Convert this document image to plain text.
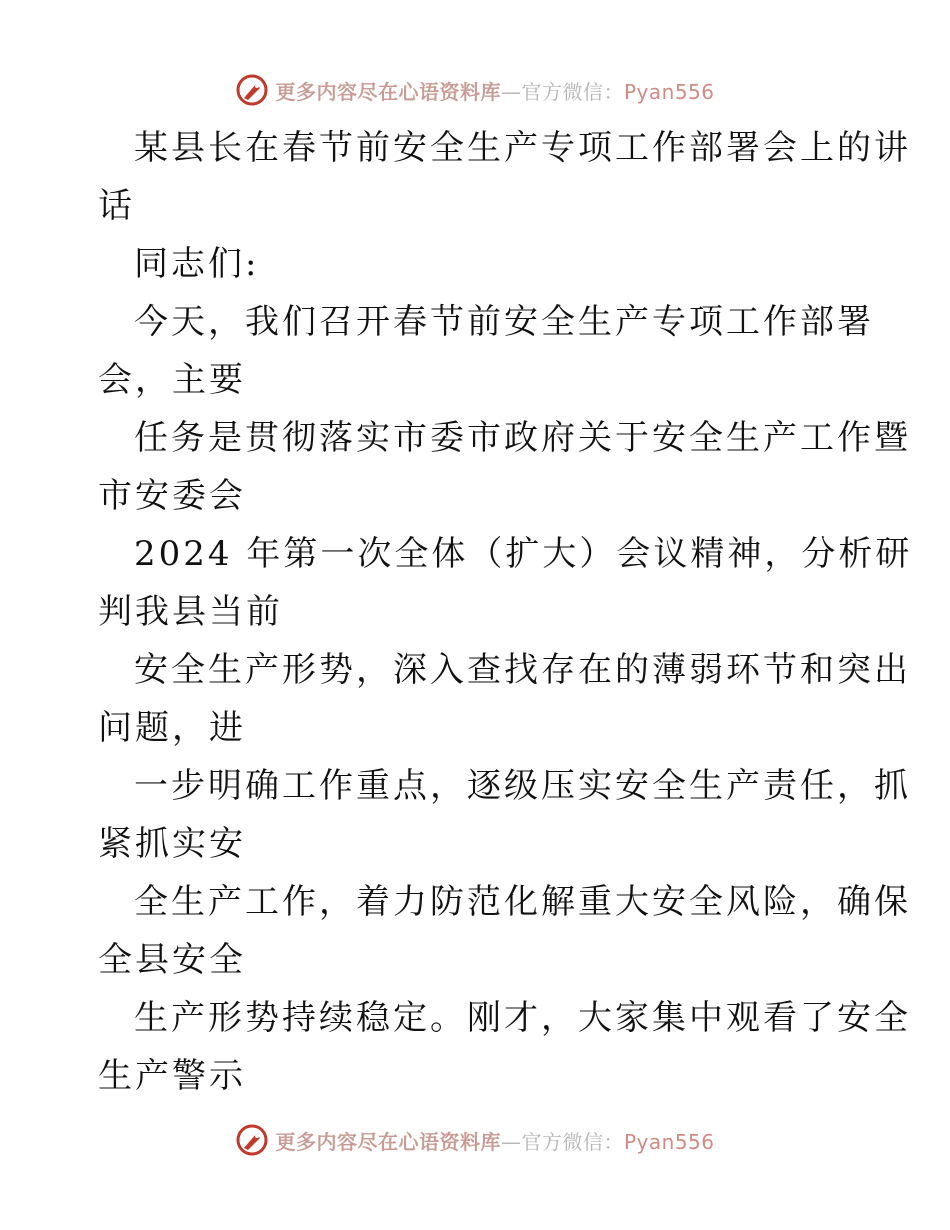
更多内容尽在心语资料库—官方微信：Pyan556
某县长在春节前安全生产专项工作部署会上的讲
话
同志们:
今天，我们召开春节前安全生产专项工作部署
会，主要
任务是贯彻落实市委市政府关于安全生产工作暨
市安委会
2024 年第一次全体（扩大）会议精神，分析研
判我县当前
安全生产形势，深入查找存在的薄弱环节和突出
问题，进
一步明确工作重点，逐级压实安全生产责任，抓
紧抓实安
全生产工作，着力防范化解重大安全风险，确保
全县安全
生产形势持续稳定。刚才，大家集中观看了安全
生产警示
更多内容尽在心语资料库—官方微信：Pyan556
